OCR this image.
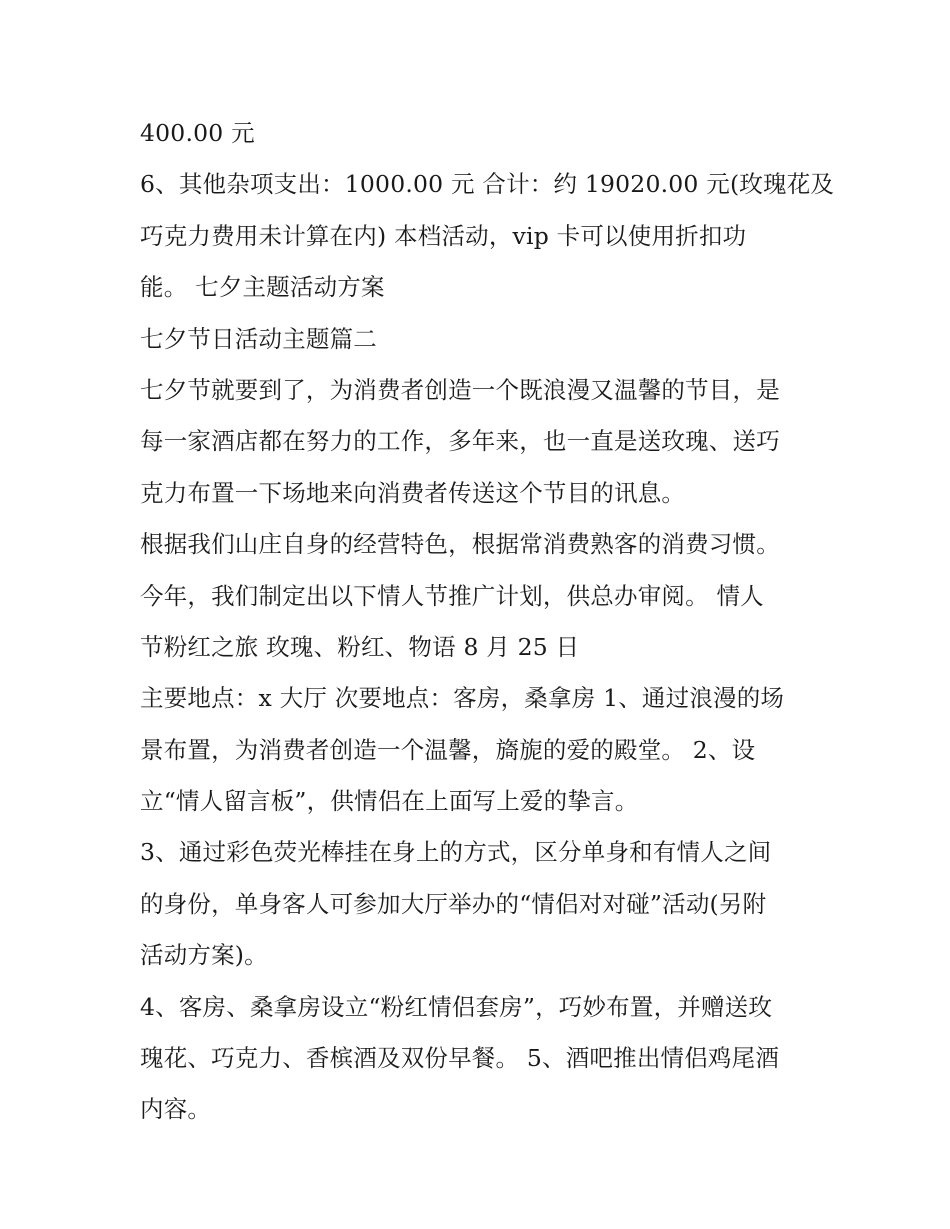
400.00 元
6、其他杂项支出：1000.00 元 合计：约 19020.00 元(玫瑰花及
巧克力费用未计算在内) 本档活动，vip 卡可以使用折扣功
能。 七夕主题活动方案
七夕节日活动主题篇二
七夕节就要到了，为消费者创造一个既浪漫又温馨的节目，是
每一家酒店都在努力的工作，多年来，也一直是送玫瑰、送巧
克力布置一下场地来向消费者传送这个节目的讯息。
根据我们山庄自身的经营特色，根据常消费熟客的消费习惯。
今年，我们制定出以下情人节推广计划，供总办审阅。 情人
节粉红之旅 玫瑰、粉红、物语 8 月 25 日
主要地点：x 大厅 次要地点：客房，桑拿房 1、通过浪漫的场
景布置，为消费者创造一个温馨，旖旎的爱的殿堂。 2、设
立“情人留言板”，供情侣在上面写上爱的挚言。
3、通过彩色荧光棒挂在身上的方式，区分单身和有情人之间
的身份，单身客人可参加大厅举办的“情侣对对碰”活动(另附
活动方案)。
4、客房、桑拿房设立“粉红情侣套房”，巧妙布置，并赠送玫
瑰花、巧克力、香槟酒及双份早餐。 5、酒吧推出情侣鸡尾酒
内容。
